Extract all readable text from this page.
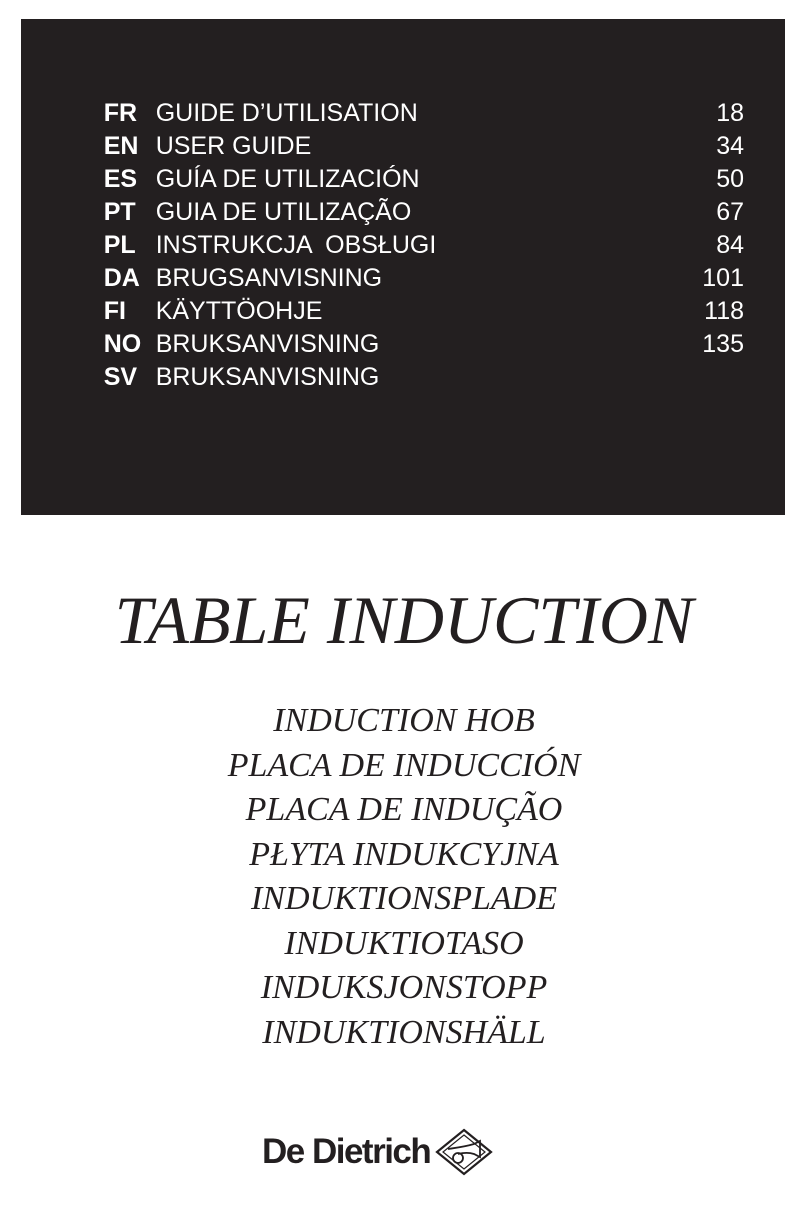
FR GUIDE D’UTILISATION

EN USER GUIDE
18

ES GUÍA DE UTILIZACIÓN
34

PT GUIA DE UTILIZAÇÃO
50

PL INSTRUKCJA  OBSŁUGI
67

DA BRUGSANVISNING
84

FI KÄYTTÖOHJE
101

NO BRUKSANVISNING
118

SV BRUKSANVISNING
135

TABLE INDUCTION
INDUCTION HOB
PLACA DE INDUCCIÓN
PLACA DE INDUÇÃO
PŁYTA INDUKCYJNA
INDUKTIONSPLADE
INDUKTIOTASO
INDUKSJONSTOPP
INDUKTIONSHÄLL
De Dietrich
